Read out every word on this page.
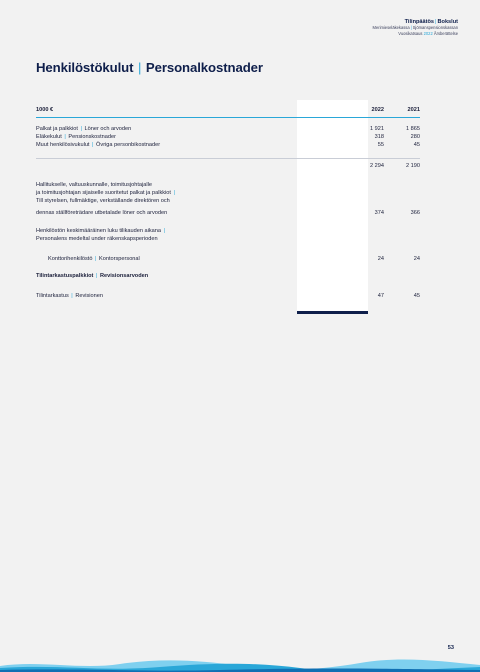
Tilinpäätös|Bokslut
Merimieseläkekassa|Sjömanspensionskassan
Vuosikatsaus 2022 Årsberättelse
Henkilöstökulut | Personalkostnader
1000 €	2022	2021
Palkat ja palkkiot | Löner och arvoden	1 921	1 865
Eläkekulut | Pensionskostnader	318	280
Muut henkilösivukulut | Övriga personbikostnader	55	45
2 294	2 190
Hallitukselle, valtuuskunnalle, toimitusjohtajalle
ja toimitusjohtajan sijaiselle suoritetut palkat ja palkkiot |
Till styrelsen, fullmäktige, verkställande direktören och
dennas ställföreträdare utbetalade löner och arvoden	374	366
Henkilöstön keskimääräinen luku tilikauden aikana |
Personalens medeltal under räkenskapsperioden
Konttorihenkilöstö | Kontorspersonal	24	24
Tilintarkastuspalkkiot | Revisionsarvoden
Tilintarkastus | Revisionen	47	45
53
